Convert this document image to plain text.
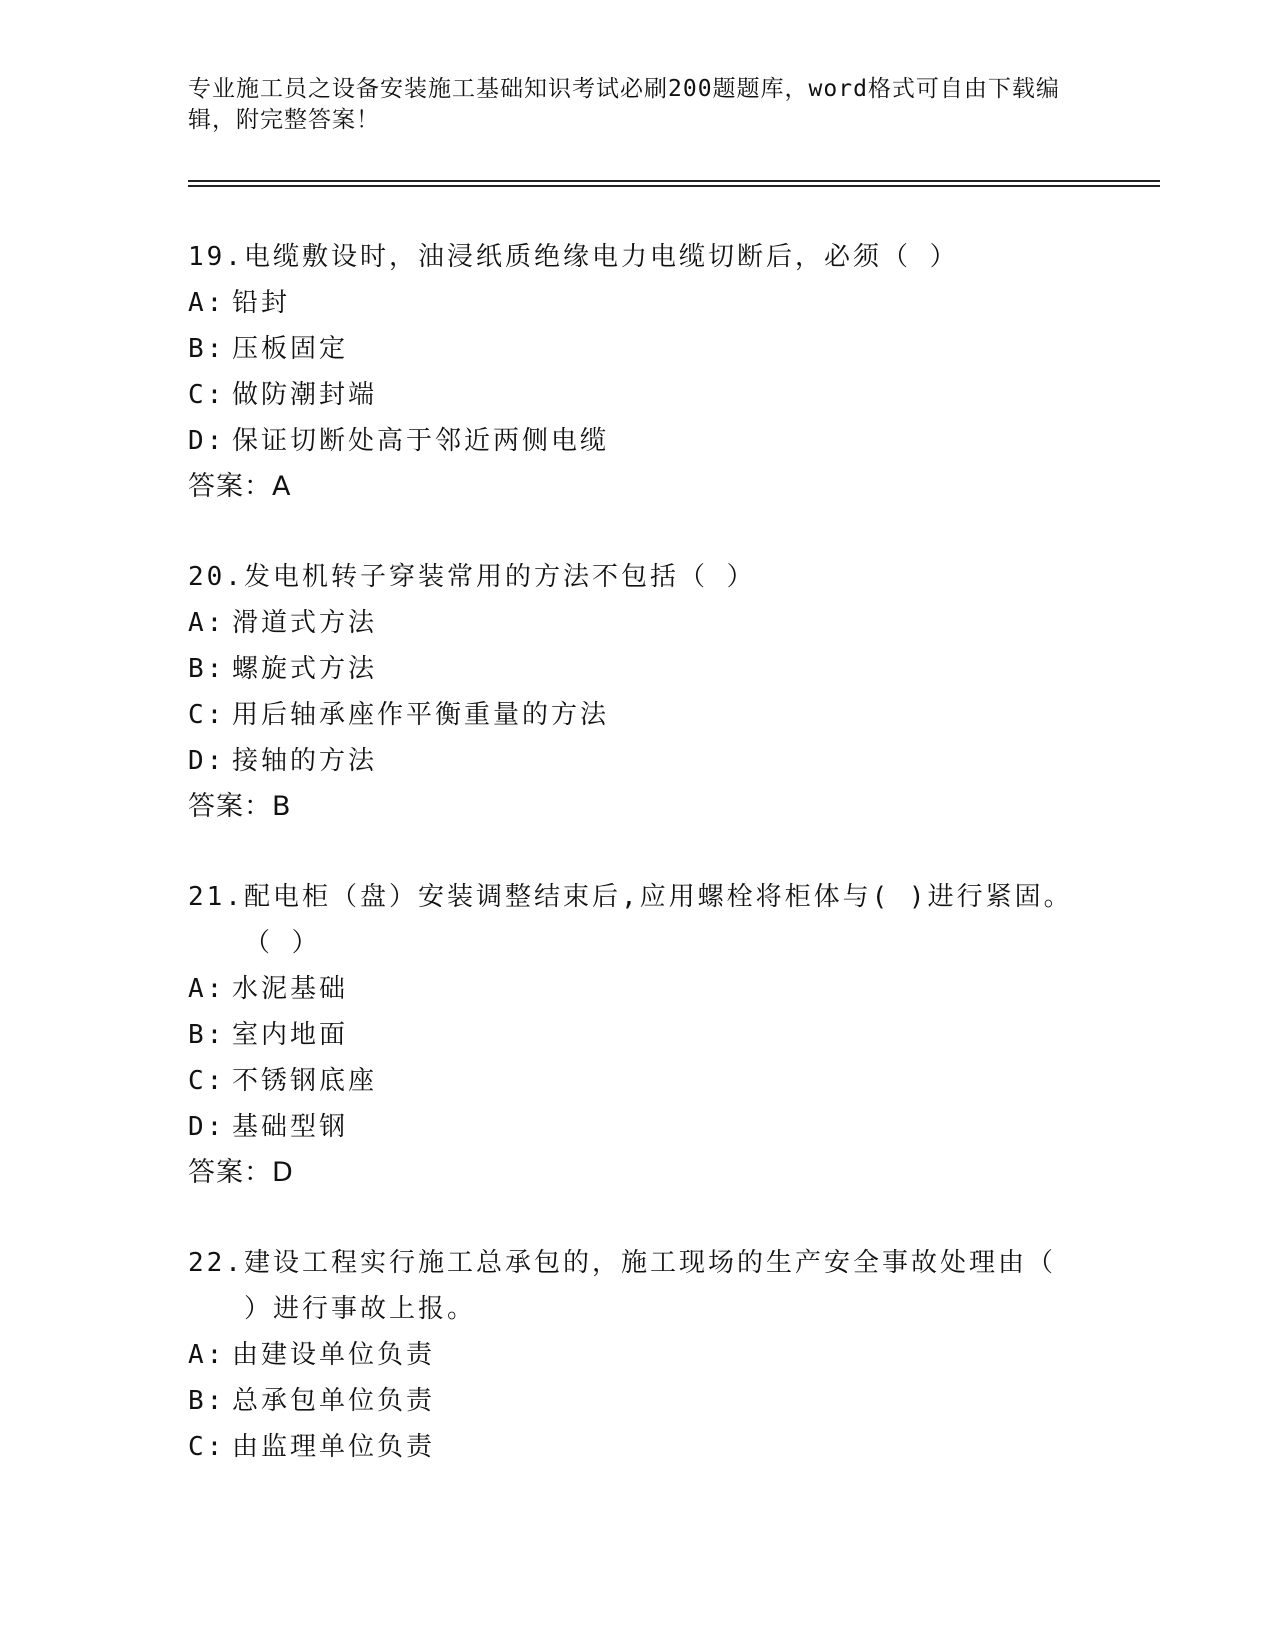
专业施工员之设备安装施工基础知识考试必刷200题题库，word格式可自由下载编辑，附完整答案！
19. 电缆敷设时，油浸纸质绝缘电力电缆切断后，必须（ ）
A: 铅封
B: 压板固定
C: 做防潮封端
D: 保证切断处高于邻近两侧电缆
答案：A
20. 发电机转子穿装常用的方法不包括（ ）
A: 滑道式方法
B: 螺旋式方法
C: 用后轴承座作平衡重量的方法
D: 接轴的方法
答案：B
21. 配电柜（盘）安装调整结束后,应用螺栓将柜体与( )进行紧固。（ ）
A: 水泥基础
B: 室内地面
C: 不锈钢底座
D: 基础型钢
答案：D
22. 建设工程实行施工总承包的，施工现场的生产安全事故处理由（ ）进行事故上报。
A: 由建设单位负责
B: 总承包单位负责
C: 由监理单位负责
